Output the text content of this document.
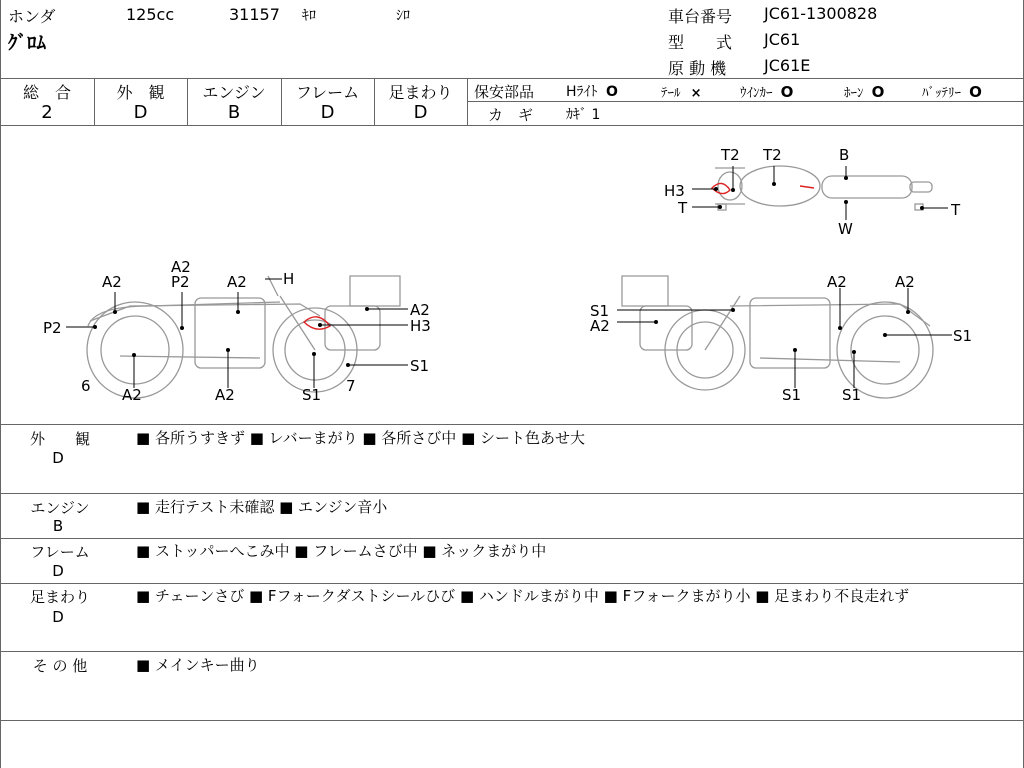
ホンダ	125cc	31157 ｷﾛ	ｼﾛ
ｸﾞﾛﾑ
車台番号 JC61-1300828
型　　式 JC61
原 動 機 JC61E
総　合
2
外　観
D
エンジン
B
フレーム
D
足まわり
D
保安部品 Hﾗｲﾄ O	ﾃｰﾙ ×	ｳｲﾝｶｰ O	ﾎｰﾝ O	ﾊﾞｯﾃﾘｰ O
カ　ギ ｶｷﾞ 1
T2 T2	B
H3
T
W
T
A2
A2
P2 A2 H
P2
A2
H3
S1
6 A2	A2	S1 7
S1
A2
A2	A2
S1
S1	S1
外　　観
D
■ 各所うすきず ■ レバーまがり ■ 各所さび中 ■ シート色あせ大
エンジン
B
■ 走行テスト未確認 ■ エンジン音小
フレーム
D
■ ストッパーへこみ中 ■ フレームさび中 ■ ネックまがり中
足まわり
D
■ チェーンさび ■ Fフォークダストシールひび ■ ハンドルまがり中 ■ Fフォークまがり小 ■ 足まわり不良走れず
そ の 他	■ メインキー曲り
